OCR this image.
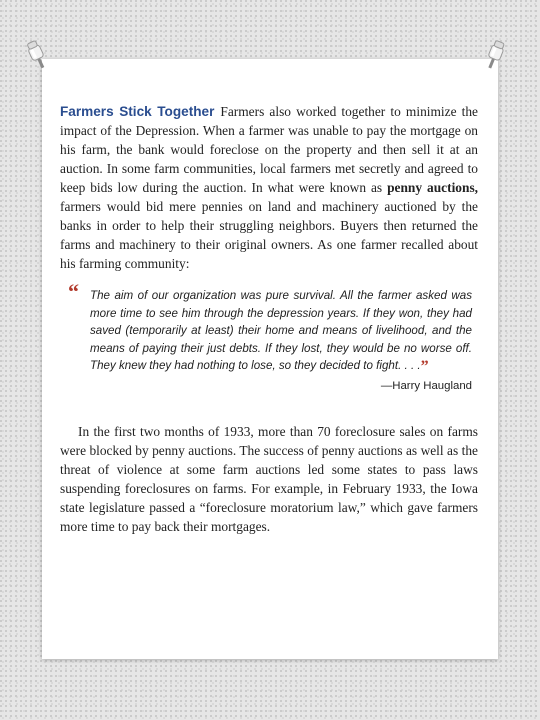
Farmers Stick Together Farmers also worked together to minimize the impact of the Depression. When a farmer was unable to pay the mortgage on his farm, the bank would foreclose on the property and then sell it at an auction. In some farm communities, local farmers met secretly and agreed to keep bids low during the auction. In what were known as penny auctions, farmers would bid mere pennies on land and machinery auctioned by the banks in order to help their struggling neighbors. Buyers then returned the farms and machinery to their original owners. As one farmer recalled about his farming community:

“ The aim of our organization was pure survival. All the farmer asked was more time to see him through the depression years. If they won, they had saved (temporarily at least) their home and means of livelihood, and the means of paying their just debts. If they lost, they would be no worse off. They knew they had nothing to lose, so they decided to fight. . . .”
—Harry Haugland

In the first two months of 1933, more than 70 foreclosure sales on farms were blocked by penny auctions. The success of penny auctions as well as the threat of violence at some farm auctions led some states to pass laws suspending foreclosures on farms. For example, in February 1933, the Iowa state legislature passed a “foreclosure moratorium law,” which gave farmers more time to pay back their mortgages.
